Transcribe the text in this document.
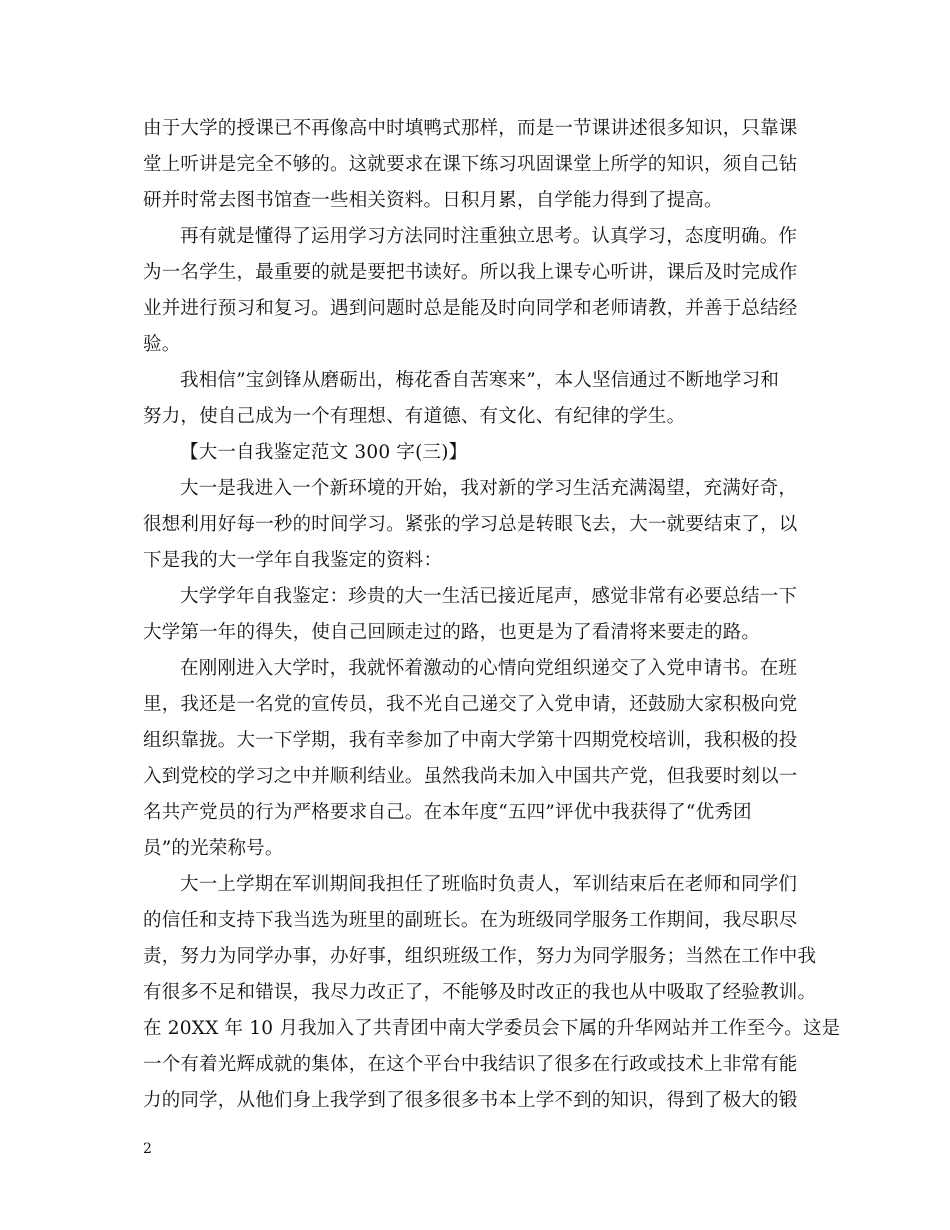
由于大学的授课已不再像高中时填鸭式那样，而是一节课讲述很多知识，只靠课
堂上听讲是完全不够的。这就要求在课下练习巩固课堂上所学的知识，须自己钻
研并时常去图书馆查一些相关资料。日积月累，自学能力得到了提高。
再有就是懂得了运用学习方法同时注重独立思考。认真学习，态度明确。作
为一名学生，最重要的就是要把书读好。所以我上课专心听讲，课后及时完成作
业并进行预习和复习。遇到问题时总是能及时向同学和老师请教，并善于总结经
验。
我相信”宝剑锋从磨砺出，梅花香自苦寒来”，本人坚信通过不断地学习和
努力，使自己成为一个有理想、有道德、有文化、有纪律的学生。
【大一自我鉴定范文 300 字(三)】
大一是我进入一个新环境的开始，我对新的学习生活充满渴望，充满好奇，
很想利用好每一秒的时间学习。紧张的学习总是转眼飞去，大一就要结束了，以
下是我的大一学年自我鉴定的资料：
大学学年自我鉴定：珍贵的大一生活已接近尾声，感觉非常有必要总结一下
大学第一年的得失，使自己回顾走过的路，也更是为了看清将来要走的路。
在刚刚进入大学时，我就怀着激动的心情向党组织递交了入党申请书。在班
里，我还是一名党的宣传员，我不光自己递交了入党申请，还鼓励大家积极向党
组织靠拢。大一下学期，我有幸参加了中南大学第十四期党校培训，我积极的投
入到党校的学习之中并顺利结业。虽然我尚未加入中国共产党，但我要时刻以一
名共产党员的行为严格要求自己。在本年度“五四”评优中我获得了“优秀团
员”的光荣称号。
大一上学期在军训期间我担任了班临时负责人，军训结束后在老师和同学们
的信任和支持下我当选为班里的副班长。在为班级同学服务工作期间，我尽职尽
责，努力为同学办事，办好事，组织班级工作，努力为同学服务；当然在工作中我
有很多不足和错误，我尽力改正了，不能够及时改正的我也从中吸取了经验教训。
在 20XX 年 10 月我加入了共青团中南大学委员会下属的升华网站并工作至今。这是
一个有着光辉成就的集体，在这个平台中我结识了很多在行政或技术上非常有能
力的同学，从他们身上我学到了很多很多书本上学不到的知识，得到了极大的锻
2
